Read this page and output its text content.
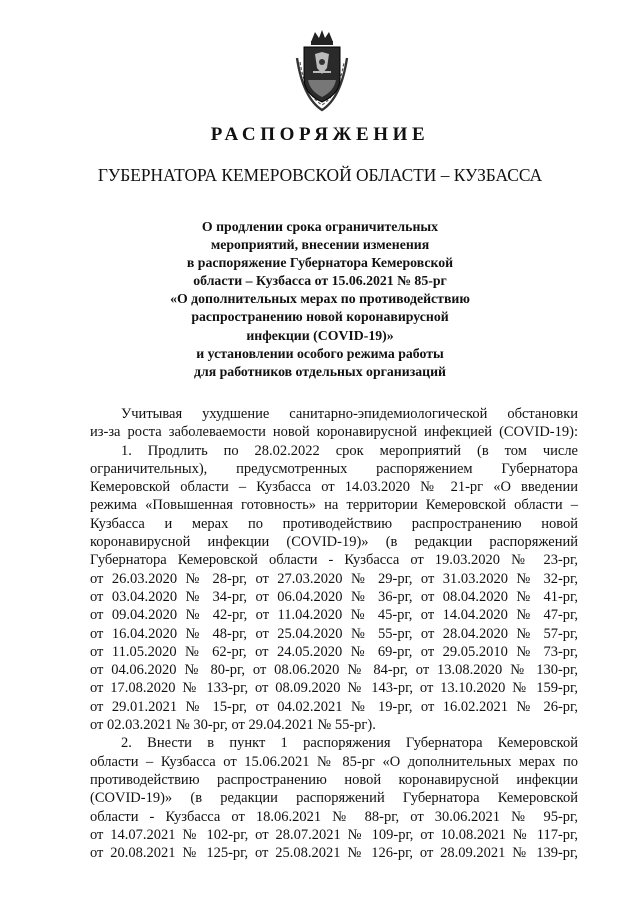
РАСПОРЯЖЕНИЕ

ГУБЕРНАТОРА КЕМЕРОВСКОЙ ОБЛАСТИ – КУЗБАССА

О продлении срока ограничительных
мероприятий, внесении изменения
в распоряжение Губернатора Кемеровской
области – Кузбасса от 15.06.2021 № 85-рг
«О дополнительных мерах по противодействию
распространению новой коронавирусной
инфекции (COVID-19)»
и установлении особого режима работы
для работников отдельных организаций
Учитывая ухудшение санитарно-эпидемиологической обстановки
из-за роста заболеваемости новой коронавирусной инфекцией (COVID-19):
1. Продлить по 28.02.2022 срок мероприятий (в том числе
ограничительных), предусмотренных распоряжением Губернатора
Кемеровской области – Кузбасса от 14.03.2020 № 21-рг «О введении
режима «Повышенная готовность» на территории Кемеровской области –
Кузбасса и мерах по противодействию распространению новой
коронавирусной инфекции (COVID-19)» (в редакции распоряжений
Губернатора Кемеровской области - Кузбасса от 19.03.2020 № 23-рг,
от 26.03.2020 № 28-рг, от 27.03.2020 № 29-рг, от 31.03.2020 № 32-рг,
от 03.04.2020 № 34-рг, от 06.04.2020 № 36-рг, от 08.04.2020 № 41-рг,
от 09.04.2020 № 42-рг, от 11.04.2020 № 45-рг, от 14.04.2020 № 47-рг,
от 16.04.2020 № 48-рг, от 25.04.2020 № 55-рг, от 28.04.2020 № 57-рг,
от 11.05.2020 № 62-рг, от 24.05.2020 № 69-рг, от 29.05.2010 № 73-рг,
от 04.06.2020 № 80-рг, от 08.06.2020 № 84-рг, от 13.08.2020 № 130-рг,
от 17.08.2020 № 133-рг, от 08.09.2020 № 143-рг, от 13.10.2020 № 159-рг,
от 29.01.2021 № 15-рг, от 04.02.2021 № 19-рг, от 16.02.2021 № 26-рг,
от 02.03.2021 № 30-рг, от 29.04.2021 № 55-рг).
2. Внести в пункт 1 распоряжения Губернатора Кемеровской
области – Кузбасса от 15.06.2021 № 85-рг «О дополнительных мерах по
противодействию распространению новой коронавирусной инфекции
(COVID-19)» (в редакции распоряжений Губернатора Кемеровской
области - Кузбасса от 18.06.2021 № 88-рг, от 30.06.2021 № 95-рг,
от 14.07.2021 № 102-рг, от 28.07.2021 № 109-рг, от 10.08.2021 № 117-рг,
от 20.08.2021 № 125-рг, от 25.08.2021 № 126-рг, от 28.09.2021 № 139-рг,
